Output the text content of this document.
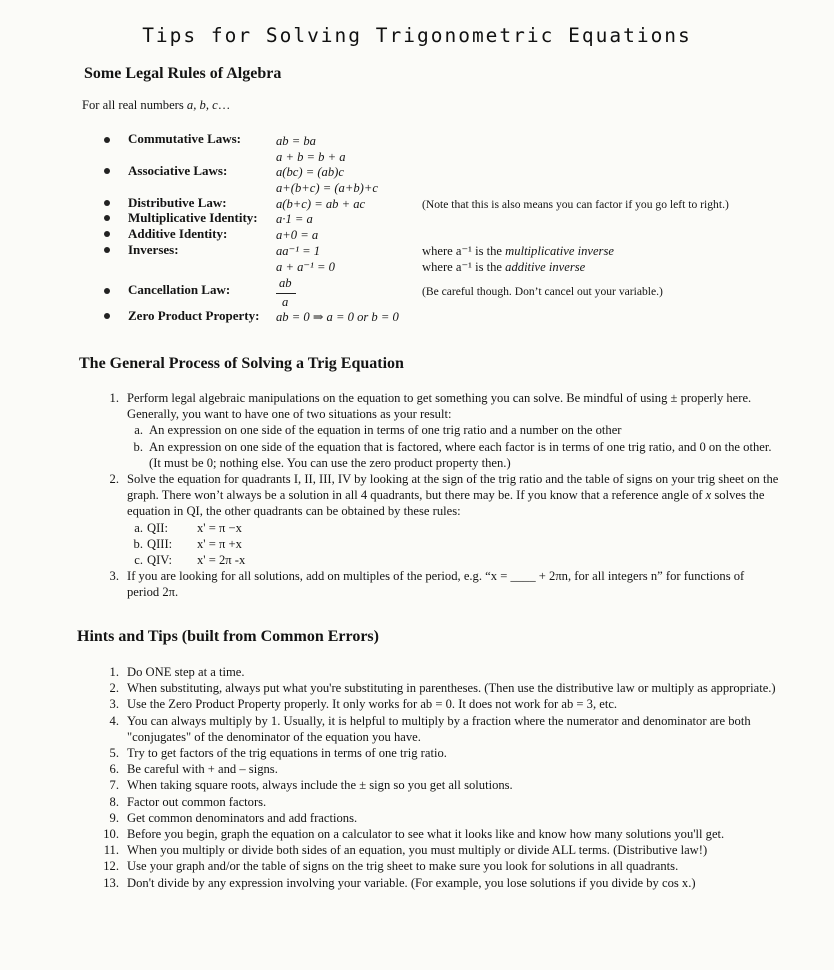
Tips for Solving Trigonometric Equations
Some Legal Rules of Algebra
For all real numbers a, b, c…
Commutative Laws:
Associative Laws:
Distributive Law:
Multiplicative Identity:
Additive Identity:
Inverses:
Cancellation Law:
Zero Product Property:
ab = ba
a + b = b + a
a(bc) = (ab)c
a+(b+c) = (a+b)+c
a(b+c) = ab + ac
a·1 = a
a+0 = a
aa⁻¹ = 1
a + a⁻¹ = 0
ab
a
ab = 0 ⇒ a = 0 or b = 0
(Note that this is also means you can factor if you go left to right.)
where a⁻¹ is the multiplicative inverse
where a⁻¹ is the additive inverse
(Be careful though. Don’t cancel out your variable.)
The General Process of Solving a Trig Equation
1. Perform legal algebraic manipulations on the equation to get something you can solve. Be mindful of using ± properly here. Generally, you want to have one of two situations as your result:
a. An expression on one side of the equation in terms of one trig ratio and a number on the other
b. An expression on one side of the equation that is factored, where each factor is in terms of one trig ratio, and 0 on the other. (It must be 0; nothing else. You can use the zero product property then.)
2. Solve the equation for quadrants I, II, III, IV by looking at the sign of the trig ratio and the table of signs on your trig sheet on the graph. There won’t always be a solution in all 4 quadrants, but there may be. If you know that a reference angle of x solves the equation in QI, the other quadrants can be obtained by these rules:
a. QII: x' = π −x
b. QIII: x' = π +x
c. QIV: x' = 2π -x
3. If you are looking for all solutions, add on multiples of the period, e.g. “x = ____ + 2πn, for all integers n” for functions of period 2π.
Hints and Tips (built from Common Errors)
1. Do ONE step at a time.
2. When substituting, always put what you're substituting in parentheses. (Then use the distributive law or multiply as appropriate.)
3. Use the Zero Product Property properly. It only works for ab = 0. It does not work for ab = 3, etc.
4. You can always multiply by 1. Usually, it is helpful to multiply by a fraction where the numerator and denominator are both "conjugates" of the denominator of the equation you have.
5. Try to get factors of the trig equations in terms of one trig ratio.
6. Be careful with + and – signs.
7. When taking square roots, always include the ± sign so you get all solutions.
8. Factor out common factors.
9. Get common denominators and add fractions.
10. Before you begin, graph the equation on a calculator to see what it looks like and know how many solutions you'll get.
11. When you multiply or divide both sides of an equation, you must multiply or divide ALL terms. (Distributive law!)
12. Use your graph and/or the table of signs on the trig sheet to make sure you look for solutions in all quadrants.
13. Don't divide by any expression involving your variable. (For example, you lose solutions if you divide by cos x.)
